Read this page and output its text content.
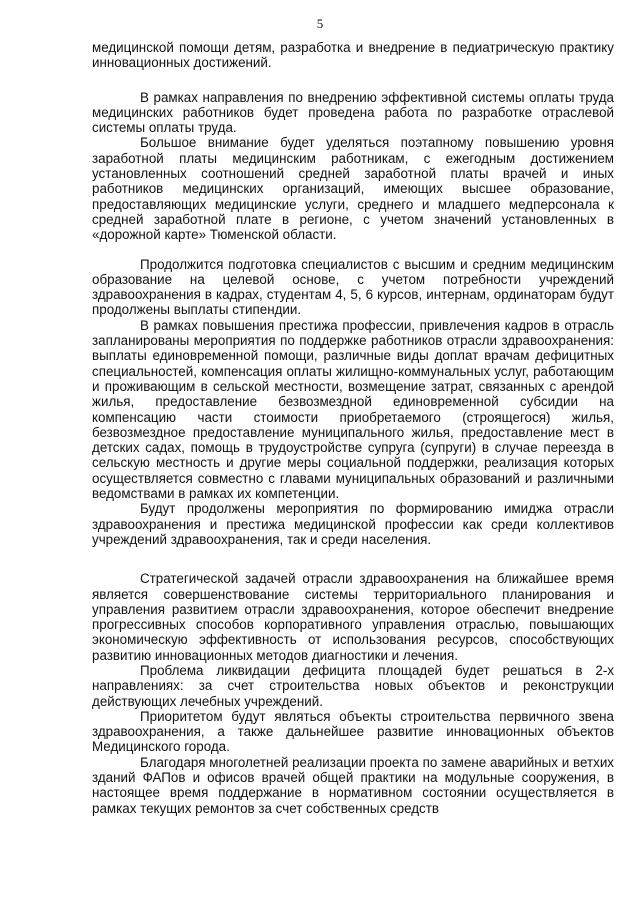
5

медицинской помощи детям, разработка и внедрение в педиатрическую практику инновационных достижений.

В рамках направления по внедрению эффективной системы оплаты труда медицинских работников будет проведена работа по разработке отраслевой системы оплаты труда.

Большое внимание будет уделяться поэтапному повышению уровня заработной платы медицинским работникам, с ежегодным достижением установленных соотношений средней заработной платы врачей и иных работников медицинских организаций, имеющих высшее образование, предоставляющих медицинские услуги, среднего и младшего медперсонала к средней заработной плате в регионе, с учетом значений установленных в «дорожной карте» Тюменской области.

Продолжится подготовка специалистов с высшим и средним медицинским образование на целевой основе, с учетом потребности учреждений здравоохранения в кадрах, студентам 4, 5, 6 курсов, интернам, ординаторам будут продолжены выплаты стипендии.

В рамках повышения престижа профессии, привлечения кадров в отрасль запланированы мероприятия по поддержке работников отрасли здравоохранения: выплаты единовременной помощи, различные виды доплат врачам дефицитных специальностей, компенсация оплаты жилищно-коммунальных услуг, работающим и проживающим в сельской местности, возмещение затрат, связанных с арендой жилья, предоставление безвозмездной единовременной субсидии на компенсацию части стоимости приобретаемого (строящегося) жилья, безвозмездное предоставление муниципального жилья, предоставление мест в детских садах, помощь в трудоустройстве супруга (супруги) в случае переезда в сельскую местность и другие меры социальной поддержки, реализация которых осуществляется совместно с главами муниципальных образований и различными ведомствами в рамках их компетенции.

Будут продолжены мероприятия по формированию имиджа отрасли здравоохранения и престижа медицинской профессии как среди коллективов учреждений здравоохранения, так и среди населения.

Стратегической задачей отрасли здравоохранения на ближайшее время является совершенствование системы территориального планирования и управления развитием отрасли здравоохранения, которое обеспечит внедрение прогрессивных способов корпоративного управления отраслью, повышающих экономическую эффективность от использования ресурсов, способствующих развитию инновационных методов диагностики и лечения.

Проблема ликвидации дефицита площадей будет решаться в 2-х направлениях: за счет строительства новых объектов и реконструкции действующих лечебных учреждений.

Приоритетом будут являться объекты строительства первичного звена здравоохранения, а также дальнейшее развитие инновационных объектов Медицинского города.

Благодаря многолетней реализации проекта по замене аварийных и ветхих зданий ФАПов и офисов врачей общей практики на модульные сооружения, в настоящее время поддержание в нормативном состоянии осуществляется в рамках текущих ремонтов за счет собственных средств
